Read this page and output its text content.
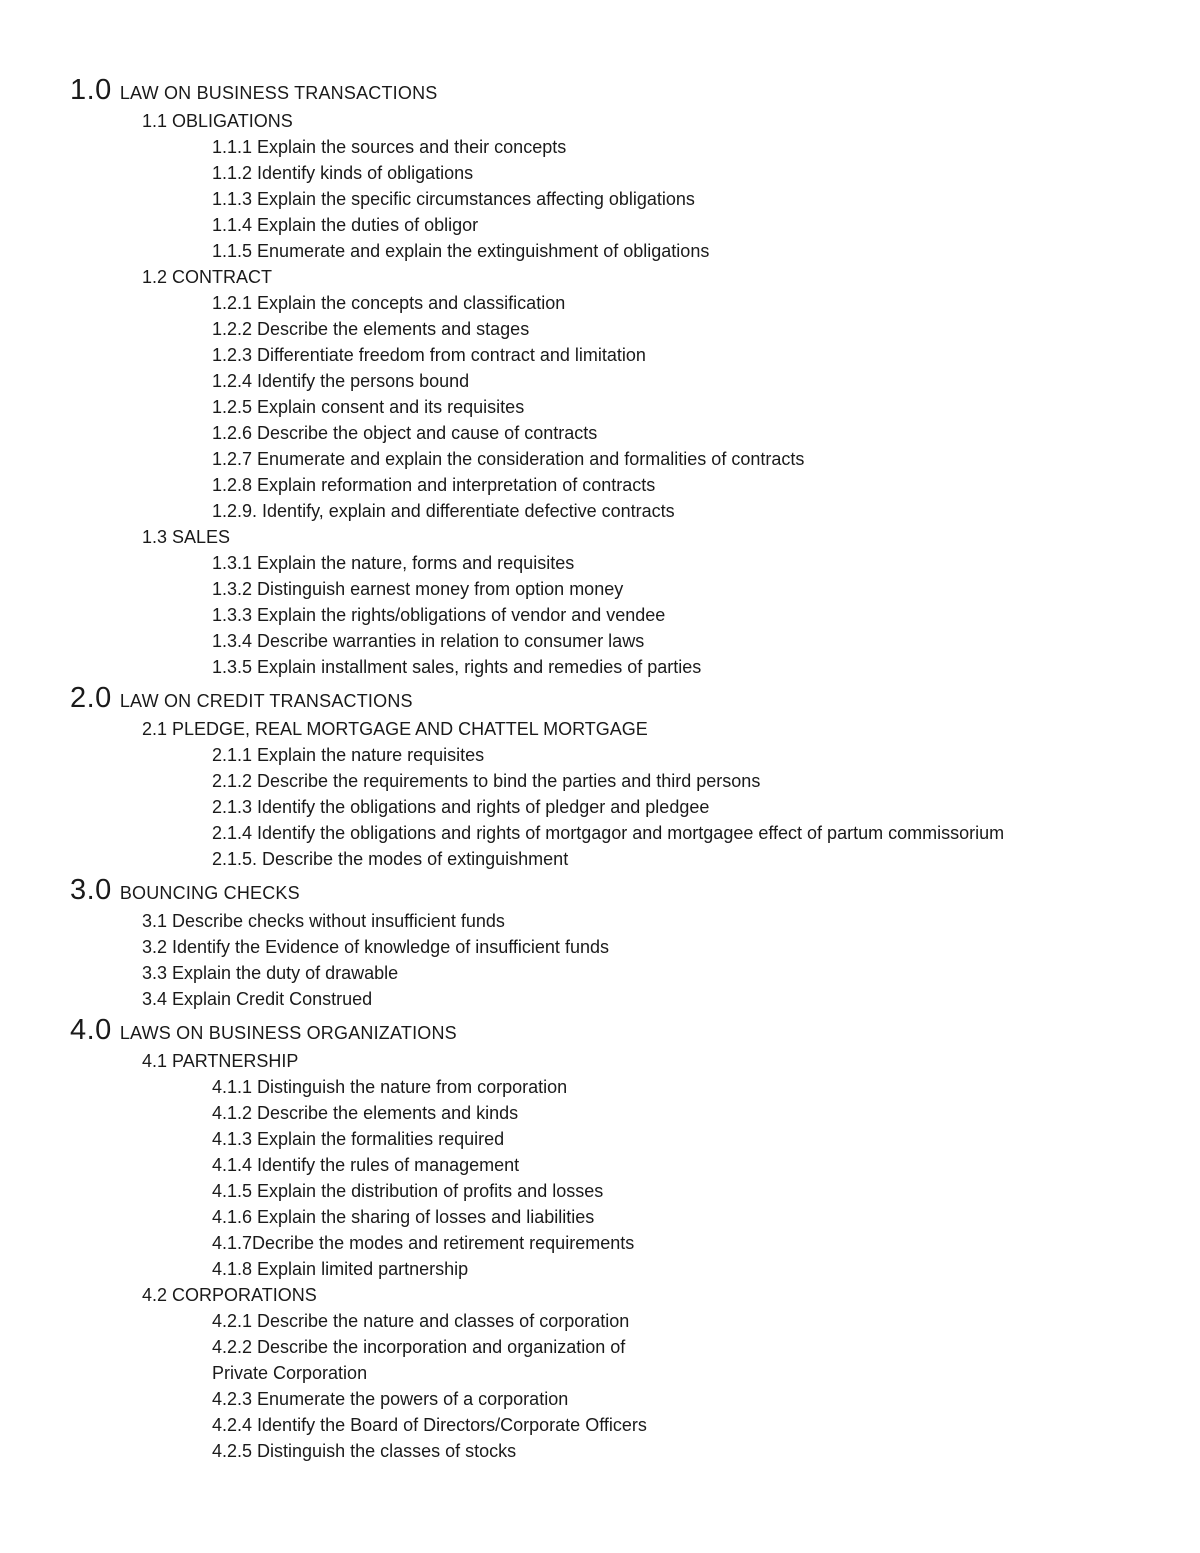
1.0 LAW ON BUSINESS TRANSACTIONS
1.1 OBLIGATIONS
1.1.1 Explain the sources and their concepts
1.1.2 Identify kinds of obligations
1.1.3 Explain the specific circumstances affecting obligations
1.1.4 Explain the duties of obligor
1.1.5 Enumerate and explain the extinguishment of obligations
1.2 CONTRACT
1.2.1 Explain the concepts and classification
1.2.2 Describe the elements and stages
1.2.3 Differentiate freedom from contract and limitation
1.2.4 Identify the persons bound
1.2.5 Explain consent and its requisites
1.2.6 Describe the object and cause of contracts
1.2.7 Enumerate and explain the consideration and formalities of contracts
1.2.8 Explain reformation and interpretation of contracts
1.2.9. Identify, explain and differentiate defective contracts
1.3 SALES
1.3.1 Explain the nature, forms and requisites
1.3.2 Distinguish earnest money from option money
1.3.3 Explain the rights/obligations of vendor and vendee
1.3.4 Describe warranties in relation to consumer laws
1.3.5 Explain installment sales, rights and remedies of parties
2.0 LAW ON CREDIT TRANSACTIONS
2.1 PLEDGE, REAL MORTGAGE AND CHATTEL MORTGAGE
2.1.1 Explain the nature requisites
2.1.2 Describe the requirements to bind the parties and third persons
2.1.3 Identify the obligations and rights of pledger and pledgee
2.1.4 Identify the obligations and rights of mortgagor and mortgagee effect of partum commissorium
2.1.5. Describe the modes of extinguishment
3.0 BOUNCING CHECKS
3.1 Describe checks without insufficient funds
3.2 Identify the Evidence of knowledge of insufficient funds
3.3 Explain the duty of drawable
3.4 Explain Credit Construed
4.0 LAWS ON BUSINESS ORGANIZATIONS
4.1 PARTNERSHIP
4.1.1 Distinguish the nature from corporation
4.1.2 Describe the elements and kinds
4.1.3 Explain the formalities required
4.1.4 Identify the rules of management
4.1.5 Explain the distribution of profits and losses
4.1.6 Explain the sharing of losses and liabilities
4.1.7Decribe the modes and retirement requirements
4.1.8 Explain limited partnership
4.2 CORPORATIONS
4.2.1 Describe the nature and classes of corporation
4.2.2 Describe the incorporation and organization of
Private Corporation
4.2.3 Enumerate the powers of a corporation
4.2.4 Identify the Board of Directors/Corporate Officers
4.2.5 Distinguish the classes of stocks
